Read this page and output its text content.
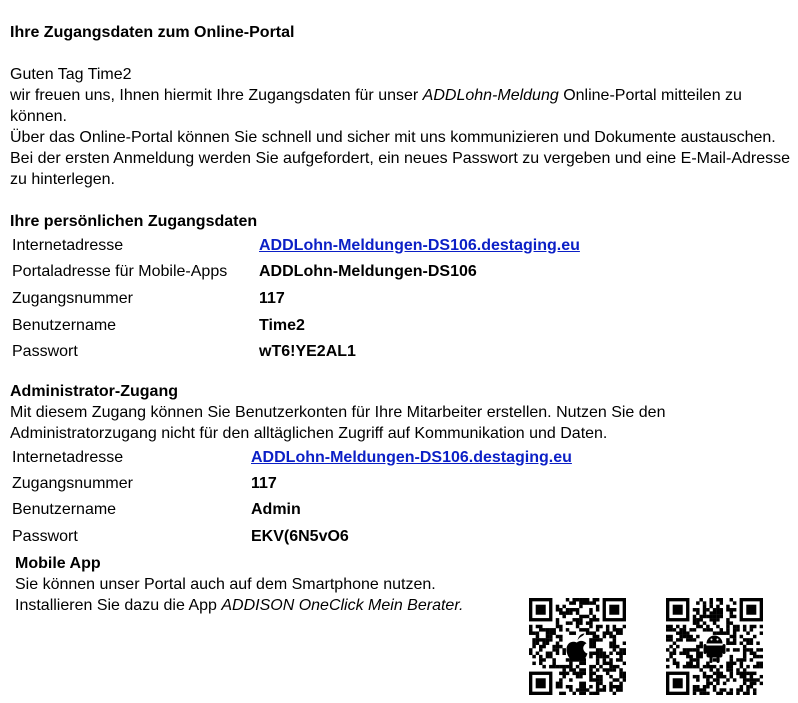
Ihre Zugangsdaten zum Online-Portal

Guten Tag Time2

wir freuen uns, Ihnen hiermit Ihre Zugangsdaten für unser ADDLohn-Meldung Online-Portal mitteilen zu können.

Über das Online-Portal können Sie schnell und sicher mit uns kommunizieren und Dokumente austauschen.

Bei der ersten Anmeldung werden Sie aufgefordert, ein neues Passwort zu vergeben und eine E-Mail-Adresse zu hinterlegen.

Ihre persönlichen Zugangsdaten
Internetadresse	ADDLohn-Meldungen-DS106.destaging.eu
Portaladresse für Mobile-Apps	ADDLohn-Meldungen-DS106
Zugangsnummer	117
Benutzername	Time2
Passwort	wT6!YE2AL1
Administrator-Zugang

Mit diesem Zugang können Sie Benutzerkonten für Ihre Mitarbeiter erstellen. Nutzen Sie den Administratorzugang nicht für den alltäglichen Zugriff auf Kommunikation und Daten.

Internetadresse	ADDLohn-Meldungen-DS106.destaging.eu
Zugangsnummer	117
Benutzername	Admin
Passwort	EKV(6N5vO6
Mobile App

Sie können unser Portal auch auf dem Smartphone nutzen.

Installieren Sie dazu die App ADDISON OneClick Mein Berater.
